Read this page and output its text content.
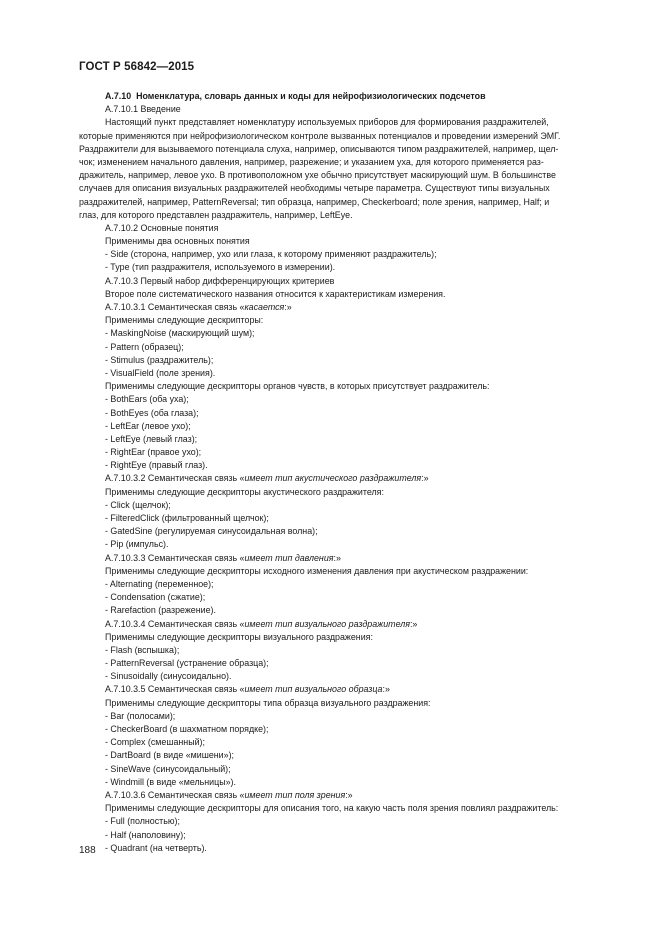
ГОСТ Р 56842—2015
А.7.10 Номенклатура, словарь данных и коды для нейрофизиологических подсчетов
А.7.10.1 Введение
Настоящий пункт представляет номенклатуру используемых приборов для формирования раздражителей,
которые применяются при нейрофизиологическом контроле вызванных потенциалов и проведении измерений ЭМГ.
Раздражители для вызываемого потенциала слуха, например, описываются типом раздражителей, например, щел-
чок; изменением начального давления, например, разрежение; и указанием уха, для которого применяется раз-
дражитель, например, левое ухо. В противоположном ухе обычно присутствует маскирующий шум. В большинстве
случаев для описания визуальных раздражителей необходимы четыре параметра. Существуют типы визуальных
раздражителей, например, PatternReversal; тип образца, например, Checkerboard; поле зрения, например, Half; и
глаз, для которого представлен раздражитель, например, LeftEye.
А.7.10.2 Основные понятия
Применимы два основных понятия
- Side (сторона, например, ухо или глаза, к которому применяют раздражитель);
- Type (тип раздражителя, используемого в измерении).
А.7.10.3 Первый набор дифференцирующих критериев
Второе поле систематического названия относится к характеристикам измерения.
А.7.10.3.1 Семантическая связь «касается:»
Применимы следующие дескрипторы:
- MaskingNoise (маскирующий шум);
- Pattern (образец);
- Stimulus (раздражитель);
- VisualField (поле зрения).
Применимы следующие дескрипторы органов чувств, в которых присутствует раздражитель:
- BothEars (оба уха);
- BothEyes (оба глаза);
- LeftEar (левое ухо);
- LeftEye (левый глаз);
- RightEar (правое ухо);
- RightEye (правый глаз).
А.7.10.3.2 Семантическая связь «имеет тип акустического раздражителя:»
Применимы следующие дескрипторы акустического раздражителя:
- Click (щелчок);
- FilteredClick (фильтрованный щелчок);
- GatedSine (регулируемая синусоидальная волна);
- Pip (импульс).
А.7.10.3.3 Семантическая связь «имеет тип давления:»
Применимы следующие дескрипторы исходного изменения давления при акустическом раздражении:
- Alternating (переменное);
- Condensation (сжатие);
- Rarefaction (разрежение).
А.7.10.3.4 Семантическая связь «имеет тип визуального раздражителя:»
Применимы следующие дескрипторы визуального раздражения:
- Flash (вспышка);
- PatternReversal (устранение образца);
- Sinusoidally (синусоидально).
А.7.10.3.5 Семантическая связь «имеет тип визуального образца:»
Применимы следующие дескрипторы типа образца визуального раздражения:
- Bar (полосами);
- CheckerBoard (в шахматном порядке);
- Complex (смешанный);
- DartBoard (в виде «мишени»);
- SineWave (синусоидальный);
- Windmill (в виде «мельницы»).
А.7.10.3.6 Семантическая связь «имеет тип поля зрения:»
Применимы следующие дескрипторы для описания того, на какую часть поля зрения повлиял раздражитель:
- Full (полностью);
- Half (наполовину);
- Quadrant (на четверть).
188
